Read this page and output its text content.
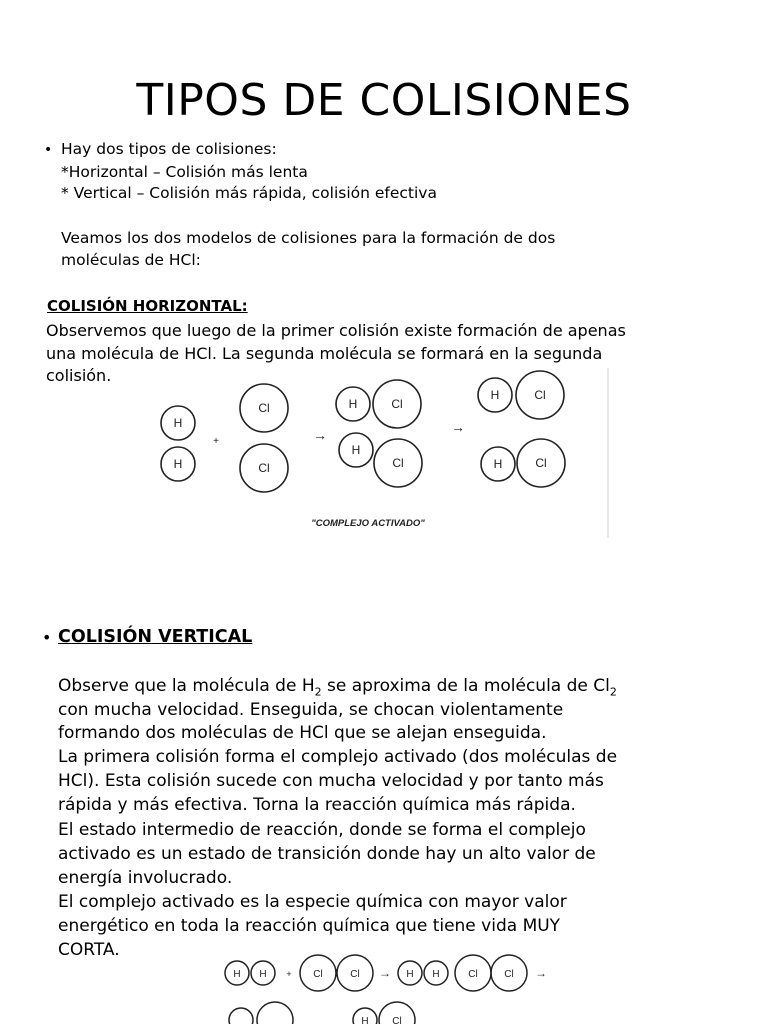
TIPOS DE COLISIONES
• Hay dos tipos de colisiones:
*Horizontal – Colisión más lenta
* Vertical – Colisión más rápida, colisión efectiva
Veamos los dos modelos de colisiones para la formación de dos
moléculas de HCl:
COLISIÓN HORIZONTAL:
Observemos que luego de la primer colisión existe formación de apenas
una molécula de HCl. La segunda molécula se formará en la segunda
colisión.
H
H
Cl
Cl
H	Cl
H
Cl
H	Cl
H	Cl
+	→	→
"COMPLEJO ACTIVADO"
• COLISIÓN VERTICAL
Observe que la molécula de $H_2$ se aproxima de la molécula de $Cl_2$
con mucha velocidad. Enseguida, se chocan violentamente
formando dos moléculas de HCl que se alejan enseguida.
La primera colisión forma el complejo activado (dos moléculas de
HCl). Esta colisión sucede con mucha velocidad y por tanto más
rápida y más efectiva. Torna la reacción química más rápida.
El estado intermedio de reacción, donde se forma el complejo
activado es un estado de transición donde hay un alto valor de
energía involucrado.
El complejo activado es la especie química con mayor valor
energético en toda la reacción química que tiene vida MUY
CORTA.
H H	Cl	Cl	H H	Cl	Cl
H Cl
+	→	→
